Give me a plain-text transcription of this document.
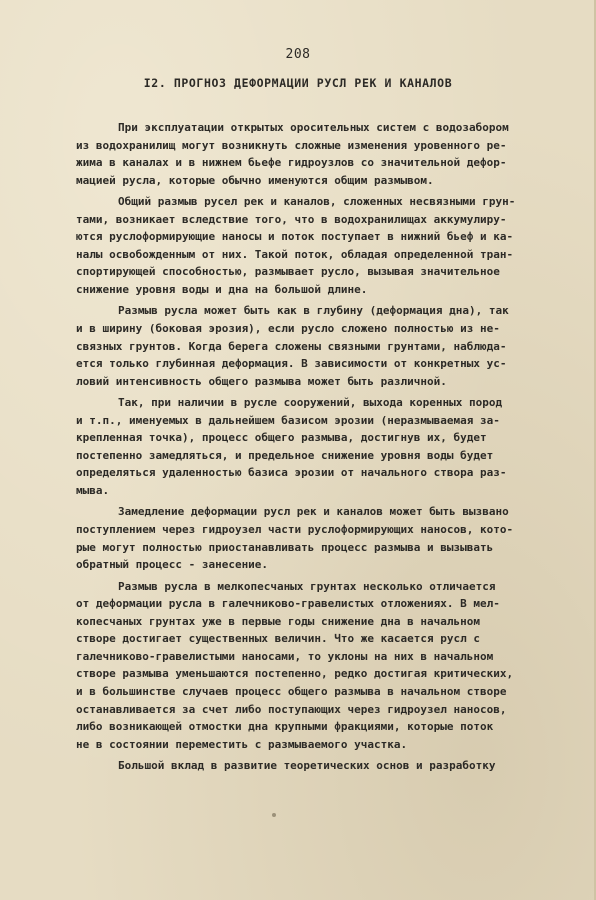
208
I2. ПРОГНОЗ ДЕФОРМАЦИИ РУСЛ РЕК И КАНАЛОВ
При эксплуатации открытых оросительных систем с водозабором
из водохранилищ могут возникнуть сложные изменения уровенного ре-
жима в каналах и в нижнем бьефе гидроузлов со значительной дефор-
мацией русла, которые обычно именуются общим размывом.
Общий размыв русел рек и каналов, сложенных несвязными грун-
тами, возникает вследствие того, что в водохранилищах аккумулиру-
ются руслоформирующие наносы и поток поступает в нижний бьеф и ка-
налы освобожденным от них. Такой поток, обладая определенной тран-
спортирующей способностью, размывает русло, вызывая значительное
снижение уровня воды и дна на большой длине.
Размыв русла может быть как в глубину (деформация дна), так
и в ширину (боковая эрозия), если русло сложено полностью из не-
связных грунтов. Когда берега сложены связными грунтами, наблюда-
ется только глубинная деформация. В зависимости от конкретных ус-
ловий интенсивность общего размыва может быть различной.
Так, при наличии в русле сооружений, выхода коренных пород
и т.п., именуемых в дальнейшем базисом эрозии (неразмываемая за-
крепленная точка), процесс общего размыва, достигнув их, будет
постепенно замедляться, и предельное снижение уровня воды будет
определяться удаленностью базиса эрозии от начального створа раз-
мыва.
Замедление деформации русл рек и каналов может быть вызвано
поступлением через гидроузел части руслоформирующих наносов, кото-
рые могут полностью приостанавливать процесс размыва и вызывать
обратный процесс - занесение.
Размыв русла в мелкопесчаных грунтах несколько отличается
от деформации русла в галечниково-гравелистых отложениях. В мел-
копесчаных грунтах уже в первые годы снижение дна в начальном
створе достигает существенных величин. Что же касается русл с
галечниково-гравелистыми наносами, то уклоны на них в начальном
створе размыва уменьшаются постепенно, редко достигая критических,
и в большинстве случаев процесс общего размыва в начальном створе
останавливается за счет либо поступающих через гидроузел наносов,
либо возникающей отмостки дна крупными фракциями, которые поток
не в состоянии переместить с размываемого участка.
Большой вклад в развитие теоретических основ и разработку
